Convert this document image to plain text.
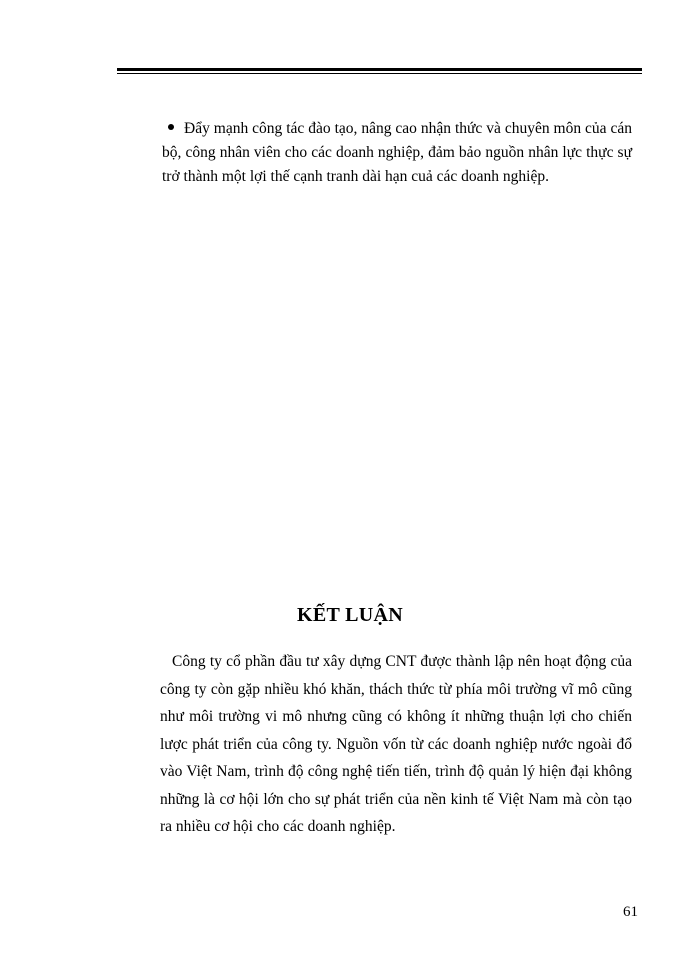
Đẩy mạnh công tác đào tạo, nâng cao nhận thức và chuyên môn của cán bộ, công nhân viên cho các doanh nghiệp, đảm bảo nguồn nhân lực thực sự trở thành một lợi thế cạnh tranh dài hạn cuả các doanh nghiệp.
KẾT LUẬN
Công ty cổ phần đầu tư xây dựng CNT được thành lập nên hoạt động của công ty còn gặp nhiều khó khăn, thách thức từ phía môi trường vĩ mô cũng như môi trường vi mô nhưng cũng có không ít những thuận lợi cho chiến lược phát triển của công ty. Nguồn vốn từ các doanh nghiệp nước ngoài đổ vào Việt Nam, trình độ công nghệ tiến tiến, trình độ quản lý hiện đại không những là cơ hội lớn cho sự phát triển của nền kinh tế Việt Nam mà còn tạo ra nhiều cơ hội cho các doanh nghiệp.
61
